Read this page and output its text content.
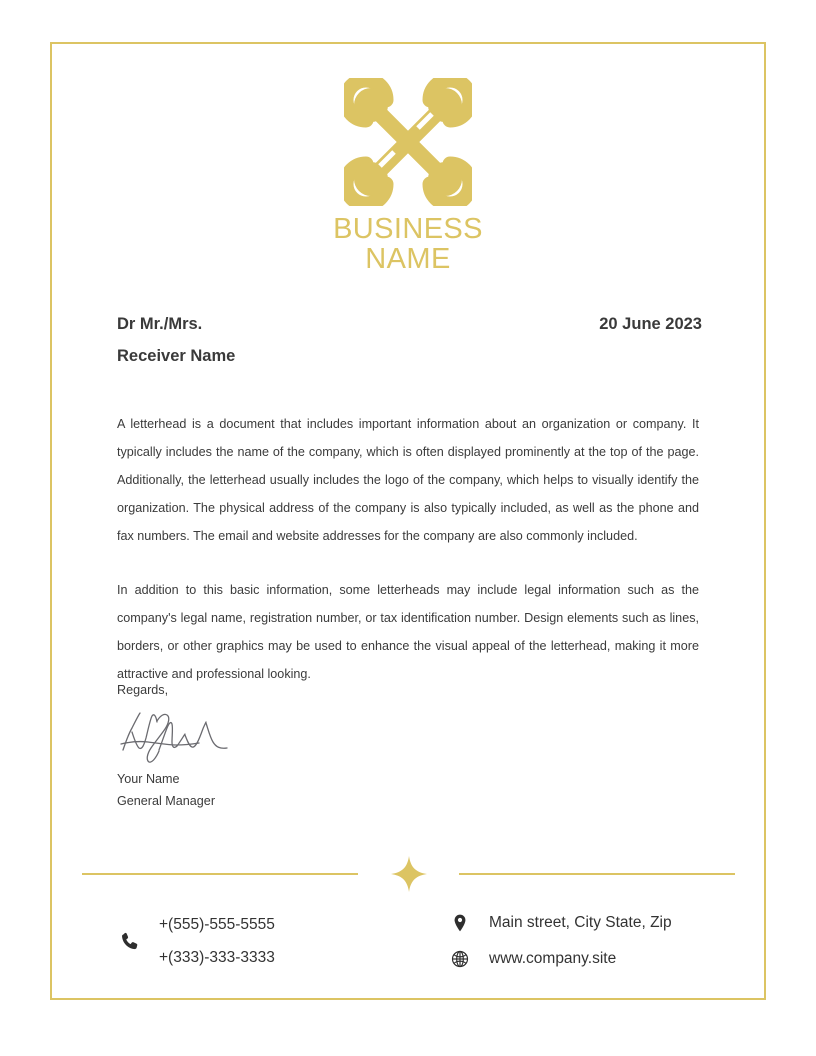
BUSINESS
NAME
Dr Mr./Mrs.	20 June 2023
Receiver Name

A letterhead is a document that includes important information about an organization or company. It typically includes the name of the company, which is often displayed prominently at the top of the page. Additionally, the letterhead usually includes the logo of the company, which helps to visually identify the organization. The physical address of the company is also typically included, as well as the phone and fax numbers. The email and website addresses for the company are also commonly included.

In addition to this basic information, some letterheads may include legal information such as the company's legal name, registration number, or tax identification number. Design elements such as lines, borders, or other graphics may be used to enhance the visual appeal of the letterhead, making it more attractive and professional looking.

Regards,
Your Name
General Manager
+(555)-555-5555
+(333)-333-3333
Main street, City State, Zip
www.company.site
